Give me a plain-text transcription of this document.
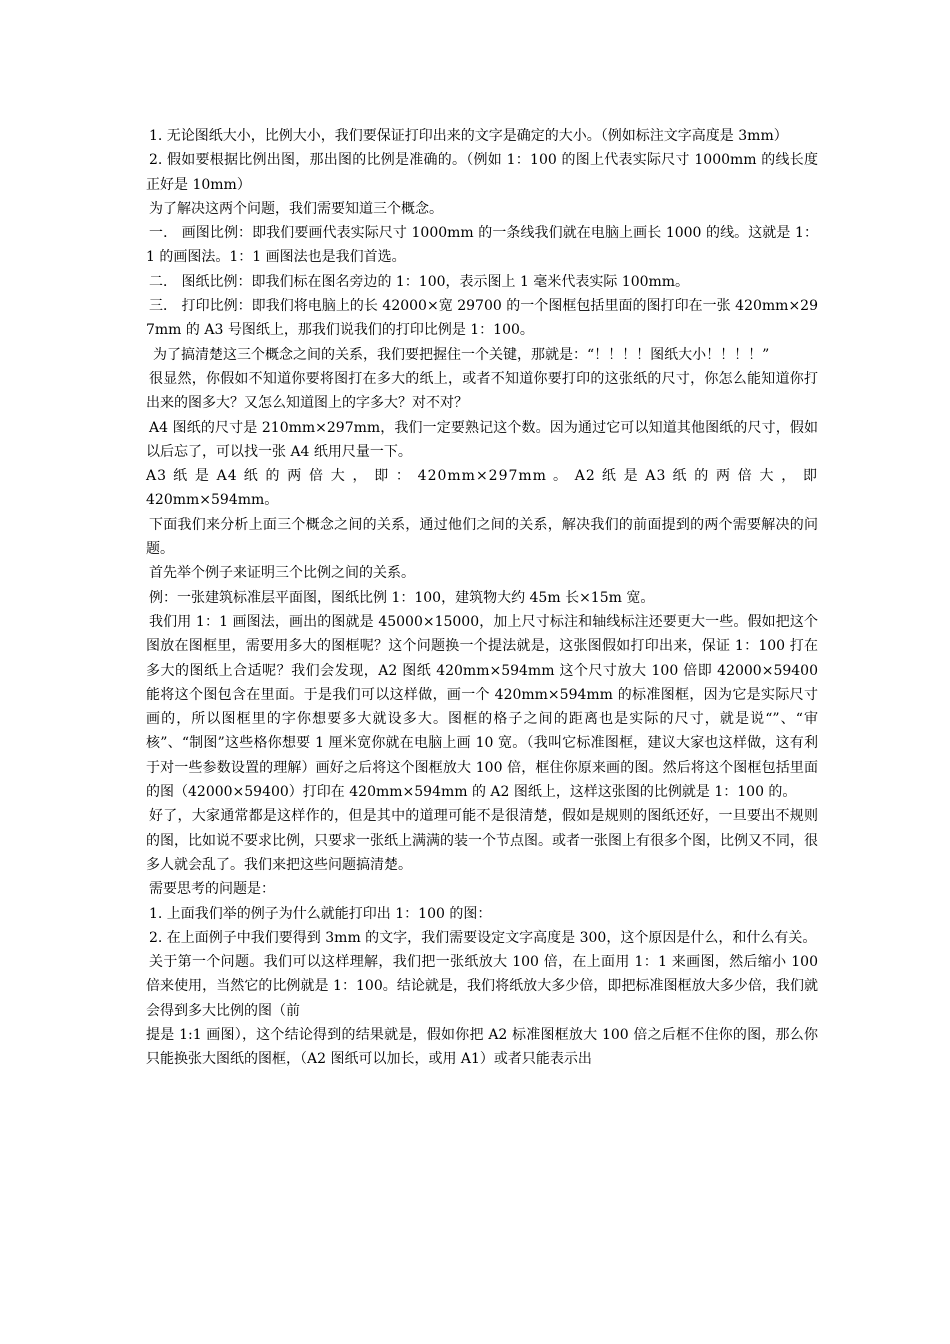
1. 无论图纸大小，比例大小，我们要保证打印出来的文字是确定的大小。（例如标注文字高度是 3mm）

2. 假如要根据比例出图，那出图的比例是准确的。（例如 1：100 的图上代表实际尺寸 1000mm 的线长度正好是 10mm）

为了解决这两个问题，我们需要知道三个概念。

一． 画图比例：即我们要画代表实际尺寸 1000mm 的一条线我们就在电脑上画长 1000 的线。这就是 1：1 的画图法。1：1 画图法也是我们首选。

二． 图纸比例：即我们标在图名旁边的 1：100，表示图上 1 毫米代表实际 100mm。

三． 打印比例：即我们将电脑上的长 42000×宽 29700 的一个图框包括里面的图打印在一张 420mm×297mm 的 A3 号图纸上，那我们说我们的打印比例是 1：100。

为了搞清楚这三个概念之间的关系，我们要把握住一个关键，那就是：“！！！！图纸大小！！！！”

很显然，你假如不知道你要将图打在多大的纸上，或者不知道你要打印的这张纸的尺寸，你怎么能知道你打出来的图多大？又怎么知道图上的字多大？对不对？

A4 图纸的尺寸是 210mm×297mm，我们一定要熟记这个数。因为通过它可以知道其他图纸的尺寸，假如以后忘了，可以找一张 A4 纸用尺量一下。

A3 纸 是 A4 纸 的 两 倍 大 ， 即 ： 420mm×297mm 。 A2 纸 是 A3 纸 的 两 倍 大 ， 即

420mm×594mm。

下面我们来分析上面三个概念之间的关系，通过他们之间的关系，解决我们的前面提到的两个需要解决的问题。

首先举个例子来证明三个比例之间的关系。

例：一张建筑标准层平面图，图纸比例 1：100，建筑物大约 45m 长×15m 宽。

我们用 1：1 画图法，画出的图就是 45000×15000，加上尺寸标注和轴线标注还要更大一些。假如把这个图放在图框里，需要用多大的图框呢？这个问题换一个提法就是，这张图假如打印出来，保证 1：100 打在多大的图纸上合适呢？我们会发现，A2 图纸 420mm×594mm 这个尺寸放大 100 倍即 42000×59400 能将这个图包含在里面。于是我们可以这样做，画一个 420mm×594mm 的标准图框，因为它是实际尺寸画的，所以图框里的字你想要多大就设多大。图框的格子之间的距离也是实际的尺寸，就是说“”、“审核”、“制图”这些格你想要 1 厘米宽你就在电脑上画 10 宽。（我叫它标准图框，建议大家也这样做，这有利于对一些参数设置的理解）画好之后将这个图框放大 100 倍，框住你原来画的图。然后将这个图框包括里面的图（42000×59400）打印在 420mm×594mm 的 A2 图纸上，这样这张图的比例就是 1：100 的。

好了，大家通常都是这样作的，但是其中的道理可能不是很清楚，假如是规则的图纸还好，一旦要出不规则的图，比如说不要求比例，只要求一张纸上满满的装一个节点图。或者一张图上有很多个图，比例又不同，很多人就会乱了。我们来把这些问题搞清楚。

需要思考的问题是：

1. 上面我们举的例子为什么就能打印出 1：100 的图：

2. 在上面例子中我们要得到 3mm 的文字，我们需要设定文字高度是 300，这个原因是什么，和什么有关。

关于第一个问题。我们可以这样理解，我们把一张纸放大 100 倍，在上面用 1：1 来画图，然后缩小 100 倍来使用，当然它的比例就是 1：100。结论就是，我们将纸放大多少倍，即把标准图框放大多少倍，我们就会得到多大比例的图（前

提是 1:1 画图），这个结论得到的结果就是，假如你把 A2 标准图框放大 100 倍之后框不住你的图，那么你只能换张大图纸的图框，（A2 图纸可以加长，或用 A1）或者只能表示出
